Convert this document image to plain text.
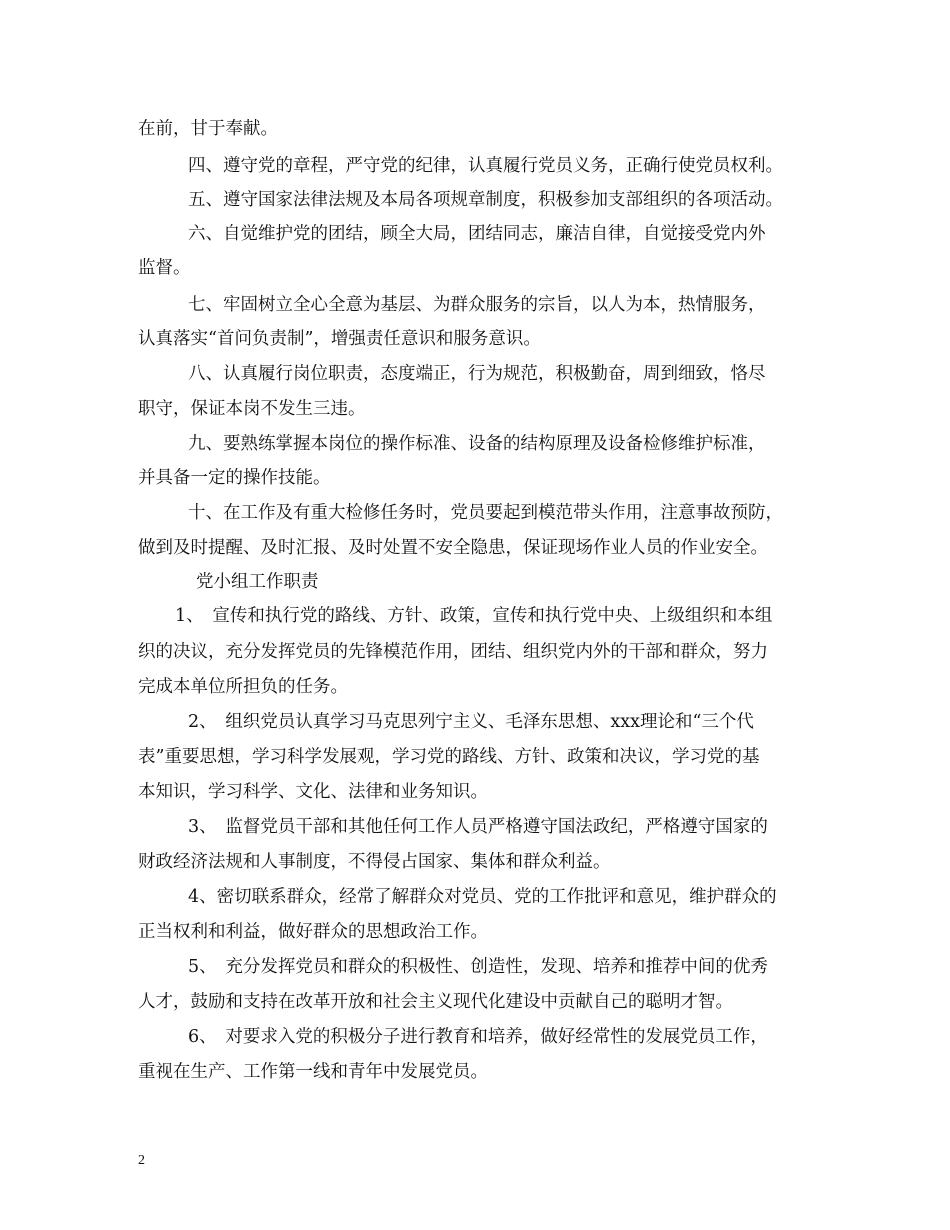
在前，甘于奉献。
四、遵守党的章程，严守党的纪律，认真履行党员义务，正确行使党员权利。
五、遵守国家法律法规及本局各项规章制度，积极参加支部组织的各项活动。
六、自觉维护党的团结，顾全大局，团结同志，廉洁自律，自觉接受党内外
监督。
七、牢固树立全心全意为基层、为群众服务的宗旨，以人为本，热情服务，
认真落实“首问负责制”，增强责任意识和服务意识。
八、认真履行岗位职责，态度端正，行为规范，积极勤奋，周到细致，恪尽
职守，保证本岗不发生三违。
九、要熟练掌握本岗位的操作标准、设备的结构原理及设备检修维护标准，
并具备一定的操作技能。
十、在工作及有重大检修任务时，党员要起到模范带头作用，注意事故预防，
做到及时提醒、及时汇报、及时处置不安全隐患，保证现场作业人员的作业安全。
党小组工作职责
1、　宣传和执行党的路线、方针、政策，宣传和执行党中央、上级组织和本组
织的决议，充分发挥党员的先锋模范作用，团结、组织党内外的干部和群众，努力
完成本单位所担负的任务。
2、　组织党员认真学习马克思列宁主义、毛泽东思想、xxx理论和“三个代
表”重要思想，学习科学发展观，学习党的路线、方针、政策和决议，学习党的基
本知识，学习科学、文化、法律和业务知识。
3、　监督党员干部和其他任何工作人员严格遵守国法政纪，严格遵守国家的
财政经济法规和人事制度，不得侵占国家、集体和群众利益。
4、密切联系群众，经常了解群众对党员、党的工作批评和意见，维护群众的
正当权利和利益，做好群众的思想政治工作。
5、　充分发挥党员和群众的积极性、创造性，发现、培养和推荐中间的优秀
人才，鼓励和支持在改革开放和社会主义现代化建设中贡献自己的聪明才智。
6、　对要求入党的积极分子进行教育和培养，做好经常性的发展党员工作，
重视在生产、工作第一线和青年中发展党员。
2
